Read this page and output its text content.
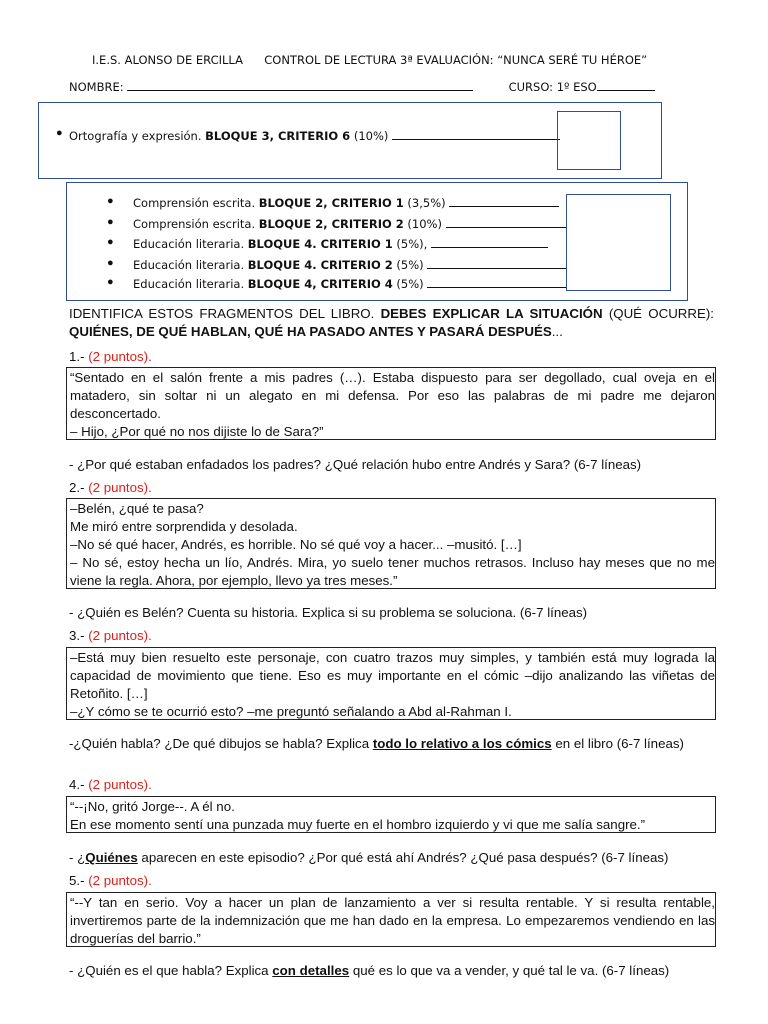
I.E.S. ALONSO DE ERCILLA CONTROL DE LECTURA 3ª EVALUACIÓN: “NUNCA SERÉ TU HÉROE”
NOMBRE:	CURSO: 1º ESO
● Ortografía y expresión. BLOQUE 3, CRITERIO 6 (10%)
● Comprensión escrita. BLOQUE 2, CRITERIO 1 (3,5%)
● Comprensión escrita. BLOQUE 2, CRITERIO 2 (10%)
● Educación literaria. BLOQUE 4. CRITERIO 1 (5%),
● Educación literaria. BLOQUE 4. CRITERIO 2 (5%)
● Educación literaria. BLOQUE 4, CRITERIO 4 (5%)
IDENTIFICA ESTOS FRAGMENTOS DEL LIBRO. DEBES EXPLICAR LA SITUACIÓN (QUÉ OCURRE): QUIÉNES, DE QUÉ HABLAN, QUÉ HA PASADO ANTES Y PASARÁ DESPUÉS...
1.- (2 puntos).
“Sentado en el salón frente a mis padres (…). Estaba dispuesto para ser degollado, cual oveja en el matadero, sin soltar ni un alegato en mi defensa. Por eso las palabras de mi padre me dejaron desconcertado.
– Hijo, ¿Por qué no nos dijiste lo de Sara?”
- ¿Por qué estaban enfadados los padres? ¿Qué relación hubo entre Andrés y Sara? (6-7 líneas)
2.- (2 puntos).
–Belén, ¿qué te pasa?
Me miró entre sorprendida y desolada.
–No sé qué hacer, Andrés, es horrible. No sé qué voy a hacer... –musitó. […]
– No sé, estoy hecha un lío, Andrés. Mira, yo suelo tener muchos retrasos. Incluso hay meses que no me viene la regla. Ahora, por ejemplo, llevo ya tres meses.”
- ¿Quién es Belén? Cuenta su historia. Explica si su problema se soluciona. (6-7 líneas)
3.- (2 puntos).
–Está muy bien resuelto este personaje, con cuatro trazos muy simples, y también está muy lograda la capacidad de movimiento que tiene. Eso es muy importante en el cómic –dijo analizando las viñetas de Retoñito. […]
–¿Y cómo se te ocurrió esto? –me preguntó señalando a Abd al-Rahman I.
-¿Quién habla? ¿De qué dibujos se habla? Explica todo lo relativo a los cómics en el libro (6-7 líneas)
4.- (2 puntos).
“--¡No, gritó Jorge--. A él no.
En ese momento sentí una punzada muy fuerte en el hombro izquierdo y vi que me salía sangre.”
- ¿Quiénes aparecen en este episodio? ¿Por qué está ahí Andrés? ¿Qué pasa después? (6-7 líneas)
5.- (2 puntos).
“--Y tan en serio. Voy a hacer un plan de lanzamiento a ver si resulta rentable. Y si resulta rentable, invertiremos parte de la indemnización que me han dado en la empresa. Lo empezaremos vendiendo en las droguerías del barrio.”
- ¿Quién es el que habla? Explica con detalles qué es lo que va a vender, y qué tal le va. (6-7 líneas)
